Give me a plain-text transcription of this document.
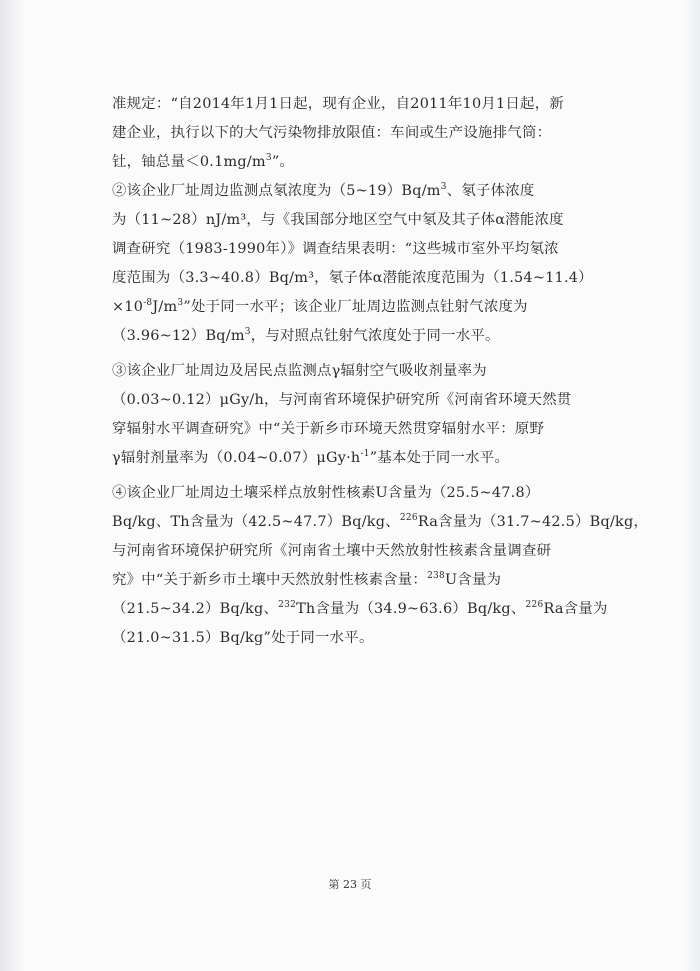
准规定：“自2014年1月1日起，现有企业，自2011年10月1日起，新
建企业，执行以下的大气污染物排放限值：车间或生产设施排气筒：
钍，铀总量$<0.1mg/m^3$”。
②该企业厂址周边监测点氡浓度为$(5\sim 19)Bq/m^3$、氡子体浓度
为（11~28）nJ/m³，与《我国部分地区空气中氡及其子体α潜能浓度
调查研究（1983-1990年）》调查结果表明：“这些城市室外平均氡浓
度范围为（3.3~40.8）Bq/m³，氡子体α潜能浓度范围为（1.54~11.4）
$\times 10^{-8}J/m^3$”处于同一水平；该企业厂址周边监测点钍射气浓度为
$(3.96\sim 12)Bq/m^3$，与对照点钍射气浓度处于同一水平。
③该企业厂址周边及居民点监测点γ辐射空气吸收剂量率为
（0.03~0.12）μGy/h，与河南省环境保护研究所《河南省环境天然贯
穿辐射水平调查研究》中“关于新乡市环境天然贯穿辐射水平：原野
γ辐射剂量率为$(0.04\sim 0.07)\mu Gy\cdot h^{-1}$”基本处于同一水平。
④该企业厂址周边土壤采样点放射性核素U含量为（25.5~47.8）
Bq/kg、Th含量为（42.5~47.7）Bq/kg、$^{226}$Ra含量为（31.7~42.5）Bq/kg，
与河南省环境保护研究所《河南省土壤中天然放射性核素含量调查研
究》中“关于新乡市土壤中天然放射性核素含量：$^{238}$U含量为
（21.5~34.2）Bq/kg、$^{232}$Th含量为（34.9~63.6）Bq/kg、$^{226}$Ra含量为
（21.0~31.5）Bq/kg”处于同一水平。
第 23 页
